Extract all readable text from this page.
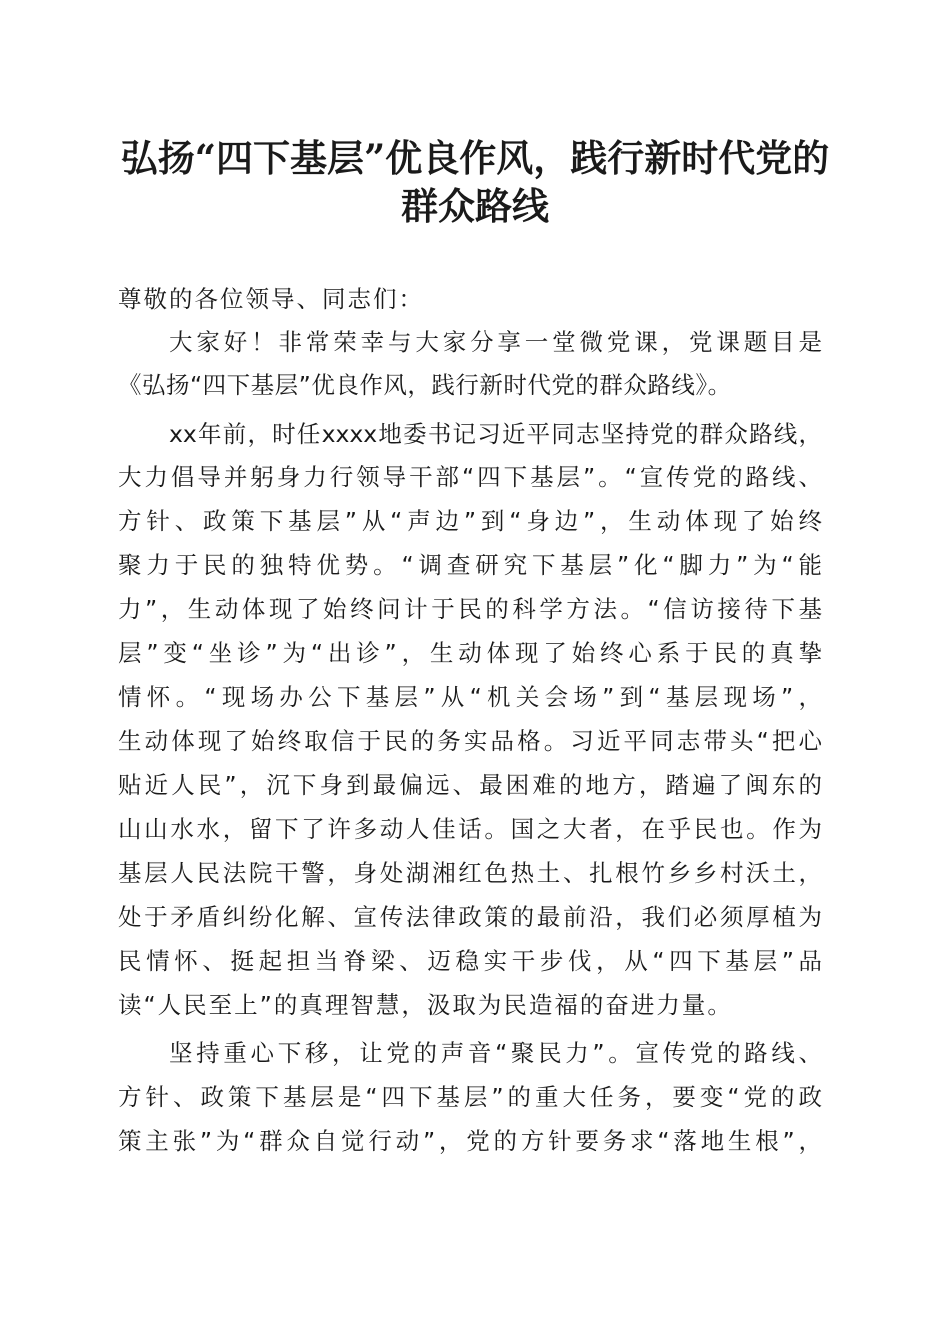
弘扬“四下基层”优良作风，践行新时代党的
群众路线

尊敬的各位领导、同志们：

大家好！非常荣幸与大家分享一堂微党课，党课题目是

《弘扬“四下基层”优良作风，践行新时代党的群众路线》。

xx年前，时任xxxx地委书记习近平同志坚持党的群众路线，

大力倡导并躬身力行领导干部“四下基层”。“宣传党的路线、

方针、政策下基层”从“声边”到“身边”，生动体现了始终

聚力于民的独特优势。“调查研究下基层”化“脚力”为“能

力”，生动体现了始终问计于民的科学方法。“信访接待下基

层”变“坐诊”为“出诊”，生动体现了始终心系于民的真挚

情怀。“现场办公下基层”从“机关会场”到“基层现场”，

生动体现了始终取信于民的务实品格。习近平同志带头“把心

贴近人民”，沉下身到最偏远、最困难的地方，踏遍了闽东的

山山水水，留下了许多动人佳话。国之大者，在乎民也。作为

基层人民法院干警，身处湖湘红色热土、扎根竹乡乡村沃土，

处于矛盾纠纷化解、宣传法律政策的最前沿，我们必须厚植为

民情怀、挺起担当脊梁、迈稳实干步伐，从“四下基层”品

读“人民至上”的真理智慧，汲取为民造福的奋进力量。

坚持重心下移，让党的声音“聚民力”。宣传党的路线、

方针、政策下基层是“四下基层”的重大任务，要变“党的政

策主张”为“群众自觉行动”，党的方针要务求“落地生根”，
